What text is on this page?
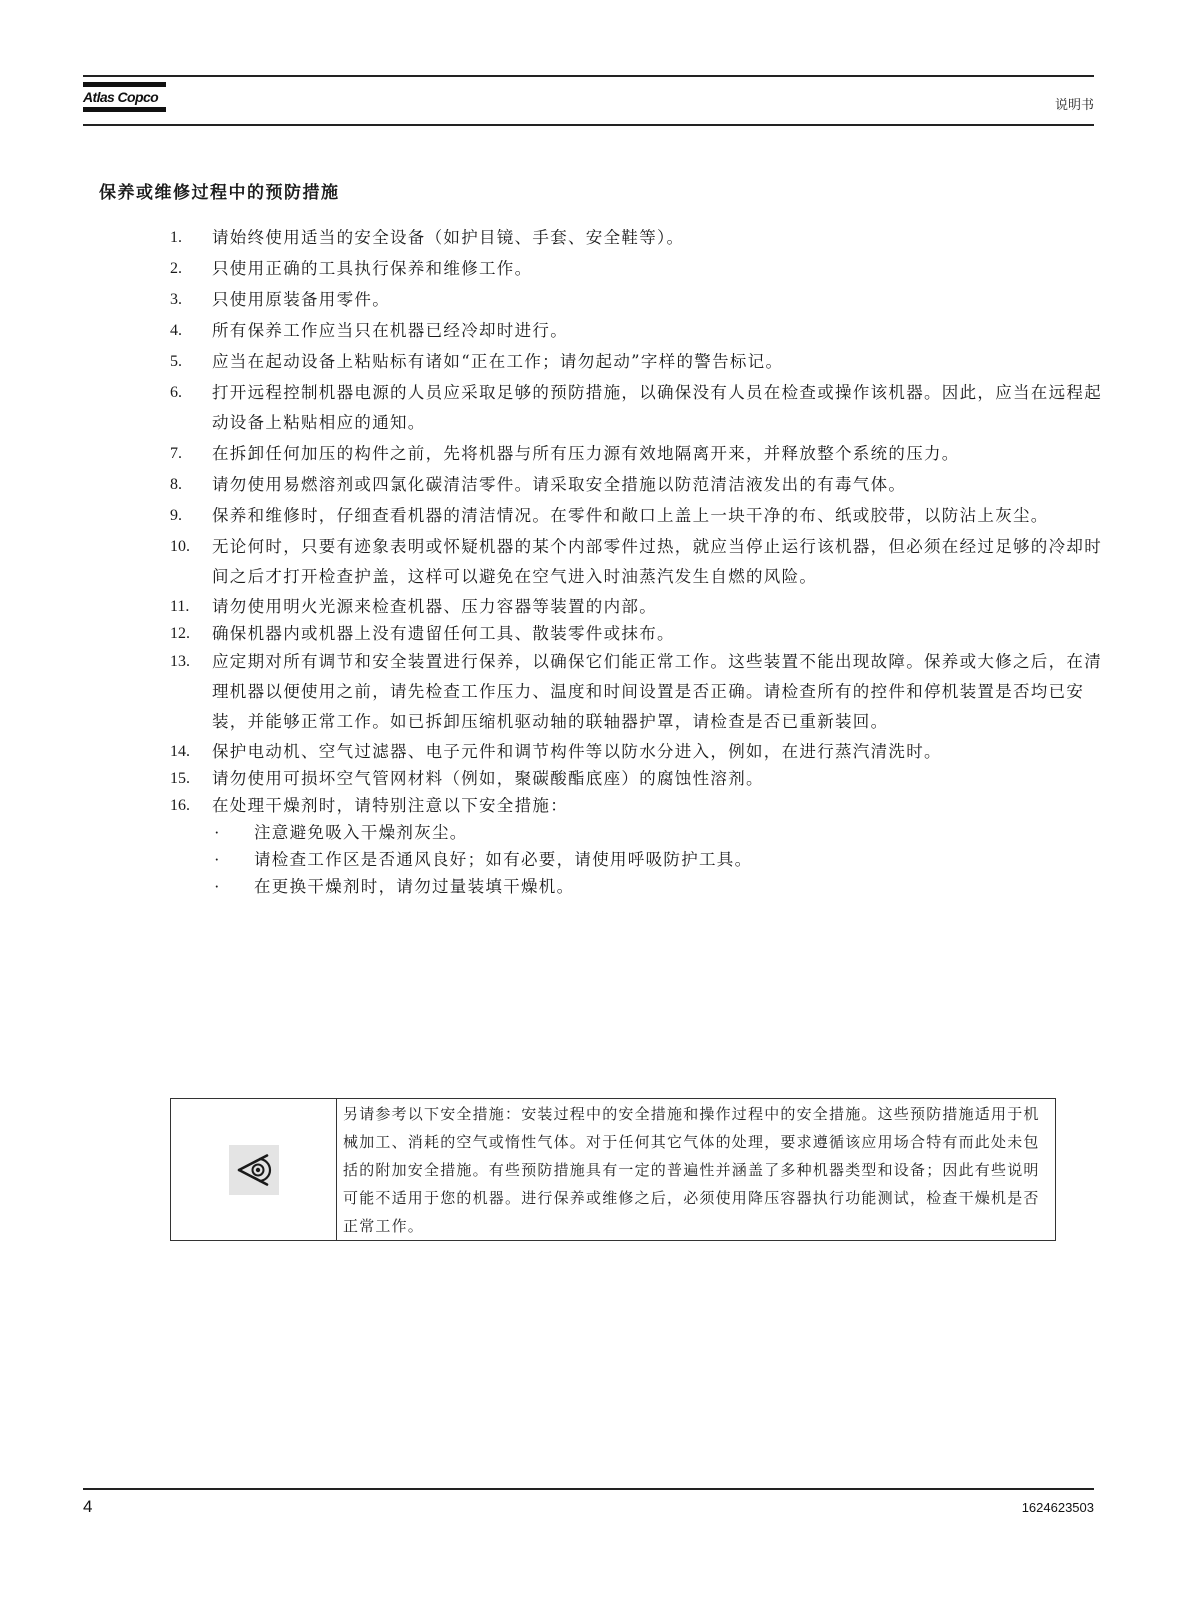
Atlas Copco
说明书
保养或维修过程中的预防措施
1.	请始终使用适当的安全设备（如护目镜、手套、安全鞋等）。
2.	只使用正确的工具执行保养和维修工作。
3.	只使用原装备用零件。
4.	所有保养工作应当只在机器已经冷却时进行。
5.	应当在起动设备上粘贴标有诸如“正在工作；请勿起动”字样的警告标记。
6.	打开远程控制机器电源的人员应采取足够的预防措施，以确保没有人员在检查或操作该机器。因此，应当在远程起动设备上粘贴相应的通知。
7.	在拆卸任何加压的构件之前，先将机器与所有压力源有效地隔离开来，并释放整个系统的压力。
8.	请勿使用易燃溶剂或四氯化碳清洁零件。请采取安全措施以防范清洁液发出的有毒气体。
9.	保养和维修时，仔细查看机器的清洁情况。在零件和敞口上盖上一块干净的布、纸或胶带，以防沾上灰尘。
10.	无论何时，只要有迹象表明或怀疑机器的某个内部零件过热，就应当停止运行该机器，但必须在经过足够的冷却时间之后才打开检查护盖，这样可以避免在空气进入时油蒸汽发生自燃的风险。
11.	请勿使用明火光源来检查机器、压力容器等装置的内部。
12.	确保机器内或机器上没有遗留任何工具、散装零件或抹布。
13.	应定期对所有调节和安全装置进行保养，以确保它们能正常工作。这些装置不能出现故障。保养或大修之后，在清理机器以便使用之前，请先检查工作压力、温度和时间设置是否正确。请检查所有的控件和停机装置是否均已安装，并能够正常工作。如已拆卸压缩机驱动轴的联轴器护罩，请检查是否已重新装回。
14.	保护电动机、空气过滤器、电子元件和调节构件等以防水分进入，例如，在进行蒸汽清洗时。
15.	请勿使用可损坏空气管网材料（例如，聚碳酸酯底座）的腐蚀性溶剂。
16.	在处理干燥剂时，请特别注意以下安全措施：
·	注意避免吸入干燥剂灰尘。
·	请检查工作区是否通风良好；如有必要，请使用呼吸防护工具。
·	在更换干燥剂时，请勿过量装填干燥机。
另请参考以下安全措施：安装过程中的安全措施和操作过程中的安全措施。这些预防措施适用于机械加工、消耗的空气或惰性气体。对于任何其它气体的处理，要求遵循该应用场合特有而此处未包括的附加安全措施。有些预防措施具有一定的普遍性并涵盖了多种机器类型和设备；因此有些说明可能不适用于您的机器。进行保养或维修之后，必须使用降压容器执行功能测试，检查干燥机是否正常工作。
4	1624623503
